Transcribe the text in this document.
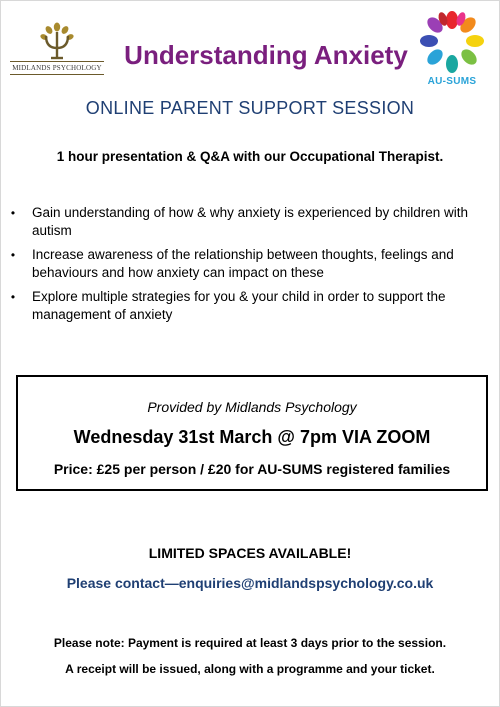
MIDLANDS PSYCHOLOGY Understanding Anxiety
AU-SUMS
ONLINE PARENT SUPPORT SESSION
1 hour presentation & Q&A with our Occupational Therapist.
• Gain understanding of how & why anxiety is experienced by children with autism
• Increase awareness of the relationship between thoughts, feelings and behaviours and how anxiety can impact on these
• Explore multiple strategies for you & your child in order to support the management of anxiety
Provided by Midlands Psychology
Wednesday 31st March @ 7pm VIA ZOOM
Price: £25 per person / £20 for AU-SUMS registered families
LIMITED SPACES AVAILABLE!
Please contact—enquiries@midlandspsychology.co.uk
Please note: Payment is required at least 3 days prior to the session.
A receipt will be issued, along with a programme and your ticket.
